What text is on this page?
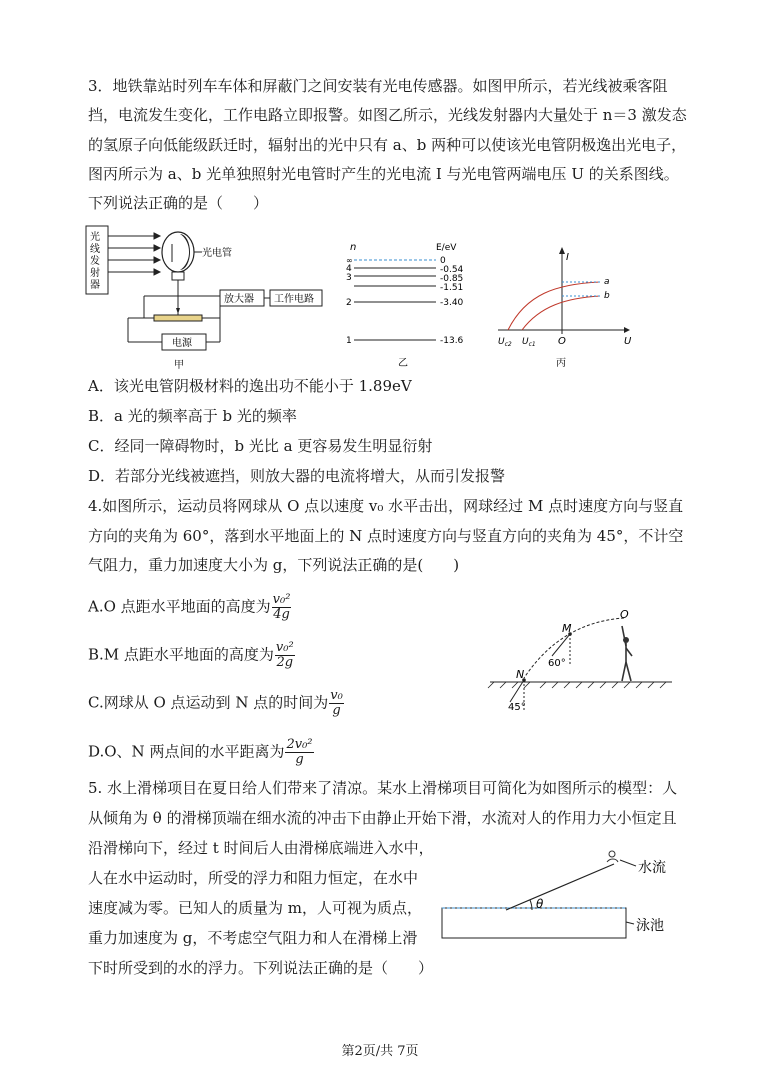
3．地铁靠站时列车车体和屏蔽门之间安装有光电传感器。如图甲所示，若光线被乘客阻
挡，电流发生变化，工作电路立即报警。如图乙所示，光线发射器内大量处于 n＝3 激发态
的氢原子向低能级跃迁时，辐射出的光中只有 a、b 两种可以使该光电管阴极逸出光电子，
图丙所示为 a、b 光单独照射光电管时产生的光电流 I 与光电管两端电压 U 的关系图线。
下列说法正确的是（　　）
光
线
发
射
器
光电管
放大器 工作电路
电源
甲
n	E/eV
∞	0
4	-0.54
3	-0.85
-1.51
2	-3.40
1	-13.6
乙
I
U
O
a
b
$U_{c2}$ $U_{c1}$
丙
A．该光电管阴极材料的逸出功不能小于 1.89eV
B．a 光的频率高于 b 光的频率
C．经同一障碍物时，b 光比 a 更容易发生明显衍射
D．若部分光线被遮挡，则放大器的电流将增大，从而引发报警
4.如图所示，运动员将网球从 O 点以速度 v₀ 水平击出，网球经过 M 点时速度方向与竖直
方向的夹角为 60°，落到水平地面上的 N 点时速度方向与竖直方向的夹角为 45°，不计空
气阻力，重力加速度大小为 g，下列说法正确的是(　　)
A.O 点距水平地面的高度为 $\frac{\text{v₀²}}{4g}$
B.M 点距水平地面的高度为 $\frac{\text{v₀²}}{2g}$
C.网球从 O 点运动到 N 点的时间为 $\frac{\text{v₀}}{g}$
D.O、N 两点间的水平距离为 $\frac{\text{2v₀²}}{g}$
O
M
N
60°
45°
5. 水上滑梯项目在夏日给人们带来了清凉。某水上滑梯项目可简化为如图所示的模型：人
从倾角为 θ 的滑梯顶端在细水流的冲击下由静止开始下滑，水流对人的作用力大小恒定且
沿滑梯向下，经过 t 时间后人由滑梯底端进入水中，
人在水中运动时，所受的浮力和阻力恒定，在水中
速度减为零。已知人的质量为 m，人可视为质点，
重力加速度为 g，不考虑空气阻力和人在滑梯上滑
下时所受到的水的浮力。下列说法正确的是（　　）
θ
水流
泳池
第2页/共 7页
